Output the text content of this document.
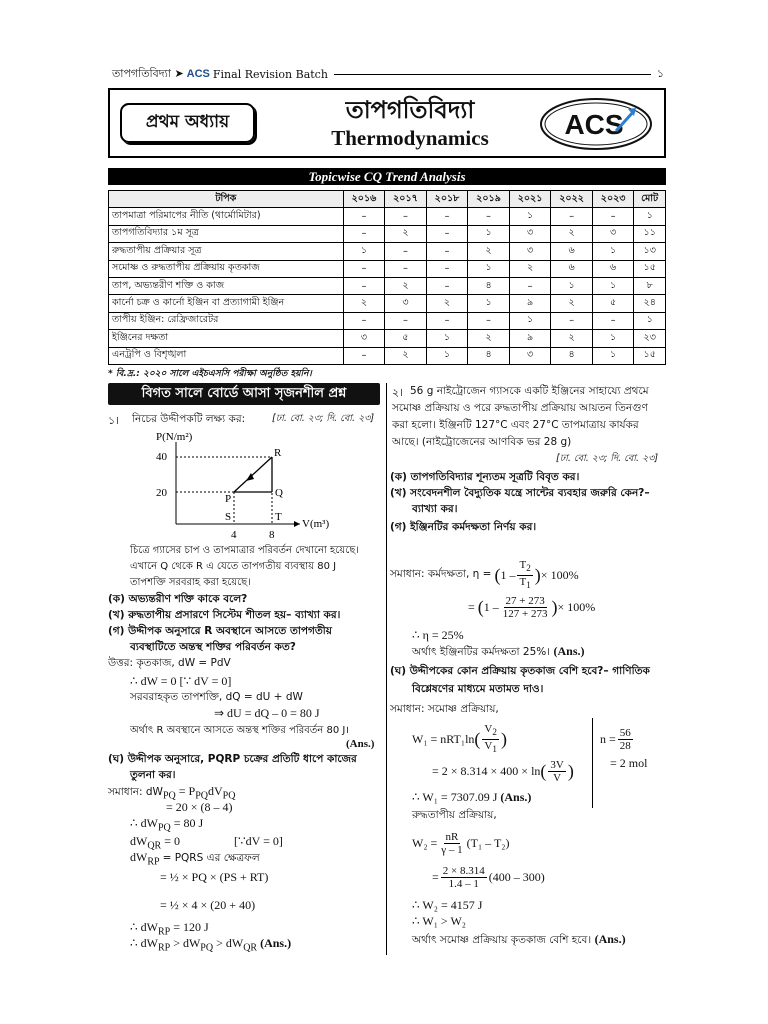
তাপগতিবিদ্যা ➤ ACS Final Revision Batch	১
প্রথম অধ্যায়	তাপগতিবিদ্যা
Thermodynamics	ACS
Topicwise CQ Trend Analysis
টপিক	২০১৬	২০১৭	২০১৮	২০১৯	২০২১	২০২২	২০২৩	মোট
তাপমাত্রা পরিমাপের নীতি (থার্মোমিটার)	–	–	–	–	১	–	–	১
তাপগতিবিদ্যার ১ম সূত্র	–	২	–	১	৩	২	৩	১১
রুদ্ধতাপীয় প্রক্রিয়ার সূত্র	১	–	–	২	৩	৬	১	১৩
সমোষ্ণ ও রুদ্ধতাপীয় প্রক্রিয়ায় কৃতকাজ	–	–	–	১	২	৬	৬	১৫
তাপ, অভ্যন্তরীণ শক্তি ও কাজ	–	২	–	৪	–	১	১	৮
কার্নো চক্র ও কার্নো ইঞ্জিন বা প্রত্যাগামী ইঞ্জিন	২	৩	২	১	৯	২	৫	২৪
তাপীয় ইঞ্জিন: রেফ্রিজারেটর	–	–	–	–	১	–	–	১
ইঞ্জিনের দক্ষতা	৩	৫	১	২	৯	২	১	২৩
এনট্রপি ও বিশৃঙ্খলা	–	২	১	৪	৩	৪	১	১৫
* বি.দ্র.: ২০২০ সালে এইচএসসি পরীক্ষা অনুষ্ঠিত হয়নি।
বিগত সালে বোর্ডে আসা সৃজনশীল প্রশ্ন
১। নিচের উদ্দীপকটি লক্ষ্য কর:	[ঢা. বো. ২৩; দি. বো. ২৩]
P(N/m²)
V(m³)
40
20
R
Q
P
S	T
4	8
চিত্রে গ্যাসের চাপ ও তাপমাত্রার পরিবর্তন দেখানো হয়েছে।
এখানে Q থেকে R এ যেতে তাপগতীয় ব্যবস্থায় 80 J
তাপশক্তি সরবরাহ করা হয়েছে।
(ক) অভ্যন্তরীণ শক্তি কাকে বলে?
(খ) রুদ্ধতাপীয় প্রসারণে সিস্টেম শীতল হয়– ব্যাখ্যা কর।
(গ) উদ্দীপক অনুসারে R অবস্থানে আসতে তাপগতীয়
ব্যবস্থাটিতে অন্তস্থ শক্তির পরিবর্তন কত?
উত্তর: কৃতকাজ, dW = PdV
∴ dW = 0 [∵ dV = 0]
সরবরাহকৃত তাপশক্তি, dQ = dU + dW
⇒ dU = dQ – 0 = 80 J
অর্থাৎ R অবস্থানে আসতে অন্তস্থ শক্তির পরিবর্তন 80 J।
(Ans.)
(ঘ) উদ্দীপক অনুসারে, PQRP চক্রের প্রতিটি ধাপে কাজের
তুলনা কর।
সমাধান: $dW_{PQ} = P_{PQ}dV_{PQ}$
= 20 × (8 – 4)
∴ $dW_{PQ} = 80$ J
$dW_{QR} = 0$	[∵dV = 0]
$dW_{RP}$ = PQRS এর ক্ষেত্রফল
= ½ × PQ × (PS + RT)
= ½ × 4 × (20 + 40)
∴ $dW_{RP} = 120$ J
∴ $dW_{RP} > dW_{PQ} > dW_{QR}$ (Ans.)
২। 56 g নাইট্রোজেন গ্যাসকে একটি ইঞ্জিনের সাহায্যে প্রথমে
সমোষ্ণ প্রক্রিয়ায় ও পরে রুদ্ধতাপীয় প্রক্রিয়ায় আয়তন তিনগুণ
করা হলো। ইঞ্জিনটি 127°C এবং 27°C তাপমাত্রায় কার্যকর
আছে। (নাইট্রোজেনের আণবিক ভর 28 g)
[ঢা. বো. ২৩; দি. বো. ২৩]
(ক) তাপগতিবিদ্যার শূন্যতম সূত্রটি বিবৃত কর।
(খ) সংবেদনশীল বৈদ্যুতিক যন্ত্রে সান্টের ব্যবহার জরুরি কেন?–
ব্যাখ্যা কর।
(গ) ইঞ্জিনটির কর্মদক্ষতা নির্ণয় কর।
সমাধান: কর্মদক্ষতা, η = ( $1 - \frac{T_2}{T_1}$ ) × 100%
= ( $1 - \frac{27 + 273}{127 + 273}$ ) × 100%
∴ η = 25%
অর্থাৎ ইঞ্জিনটির কর্মদক্ষতা 25%। (Ans.)
(ঘ) উদ্দীপকের কোন প্রক্রিয়ায় কৃতকাজ বেশি হবে?– গাণিতিক
বিশ্লেষণের মাধ্যমে মতামত দাও।
সমাধান: সমোষ্ণ প্রক্রিয়ায়,
W₁ = nRT₁ln ( $\frac{V_2}{V_1}$ )
= 2 × 8.314 × 400 × ln ( $\frac{3V}{V}$ )
∴ W₁ = 7307.09 J (Ans.)
$n = \frac{56}{28}$
= 2 mol
রুদ্ধতাপীয় প্রক্রিয়ায়,
$W_2 = \frac{nR}{\gamma - 1} (T_1 - T_2)$
= $\frac{2 \times 8.314}{1.4 - 1} (400 - 300)$
∴ W₂ = 4157 J
∴ W₁ > W₂
অর্থাৎ সমোষ্ণ প্রক্রিয়ায় কৃতকাজ বেশি হবে। (Ans.)
